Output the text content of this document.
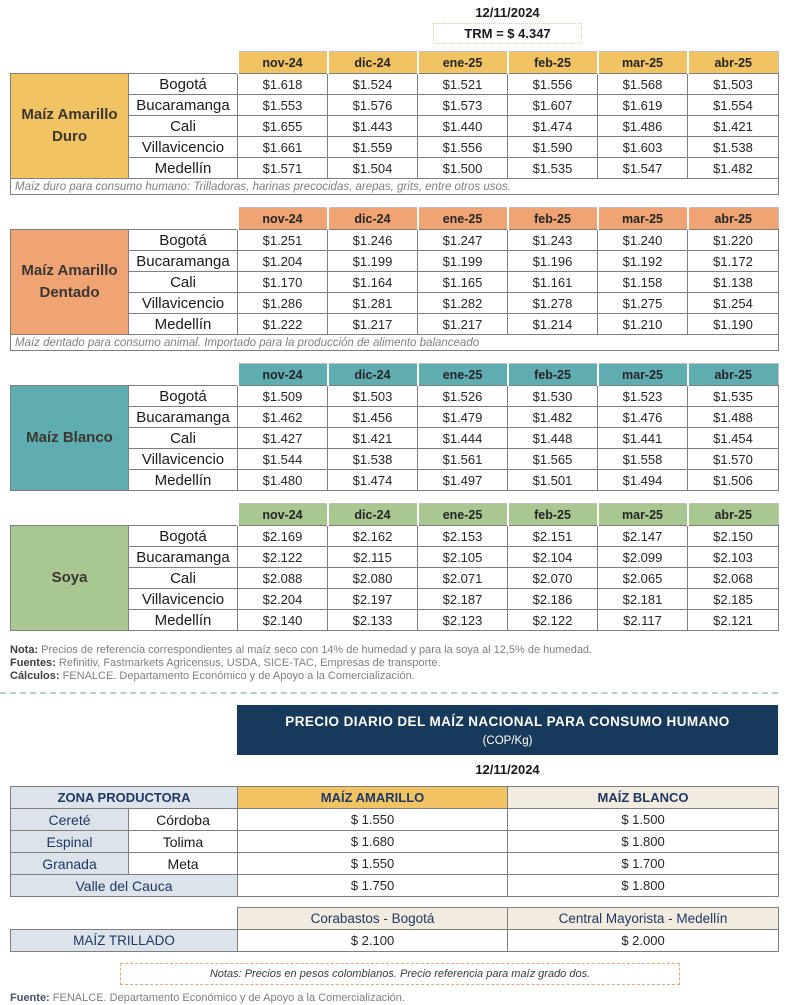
12/11/2024
TRM = $ 4.347
		nov-24	dic-24	ene-25	feb-25	mar-25	abr-25
Maíz Amarillo Duro	Bogotá	$1.618	$1.524	$1.521	$1.556	$1.568	$1.503
	Bucaramanga	$1.553	$1.576	$1.573	$1.607	$1.619	$1.554
	Cali	$1.655	$1.443	$1.440	$1.474	$1.486	$1.421
	Villavicencio	$1.661	$1.559	$1.556	$1.590	$1.603	$1.538
	Medellín	$1.571	$1.504	$1.500	$1.535	$1.547	$1.482
Maíz duro para consumo humano: Trilladoras, harinas precocidas, arepas, grits, entre otros usos.							
		nov-24	dic-24	ene-25	feb-25	mar-25	abr-25
Maíz Amarillo Dentado	Bogotá	$1.251	$1.246	$1.247	$1.243	$1.240	$1.220
	Bucaramanga	$1.204	$1.199	$1.199	$1.196	$1.192	$1.172
	Cali	$1.170	$1.164	$1.165	$1.161	$1.158	$1.138
	Villavicencio	$1.286	$1.281	$1.282	$1.278	$1.275	$1.254
	Medellín	$1.222	$1.217	$1.217	$1.214	$1.210	$1.190
Maíz dentado para consumo animal. Importado para la producción de alimento balanceado							
		nov-24	dic-24	ene-25	feb-25	mar-25	abr-25
Maíz Blanco	Bogotá	$1.509	$1.503	$1.526	$1.530	$1.523	$1.535
	Bucaramanga	$1.462	$1.456	$1.479	$1.482	$1.476	$1.488
	Cali	$1.427	$1.421	$1.444	$1.448	$1.441	$1.454
	Villavicencio	$1.544	$1.538	$1.561	$1.565	$1.558	$1.570
	Medellín	$1.480	$1.474	$1.497	$1.501	$1.494	$1.506
		nov-24	dic-24	ene-25	feb-25	mar-25	abr-25
Soya	Bogotá	$2.169	$2.162	$2.153	$2.151	$2.147	$2.150
	Bucaramanga	$2.122	$2.115	$2.105	$2.104	$2.099	$2.103
	Cali	$2.088	$2.080	$2.071	$2.070	$2.065	$2.068
	Villavicencio	$2.204	$2.197	$2.187	$2.186	$2.181	$2.185
	Medellín	$2.140	$2.133	$2.123	$2.122	$2.117	$2.121
Nota: Precios de referencia correspondientes al maíz seco con 14% de humedad y para la soya al 12,5% de humedad.
Fuentes: Refinitiv, Fastmarkets Agricensus, USDA, SICE-TAC, Empresas de transporte.
Cálculos: FENALCE. Departamento Económico y de Apoyo a la Comercialización.
PRECIO DIARIO DEL MAÍZ NACIONAL PARA CONSUMO HUMANO
(COP/Kg)
12/11/2024
ZONA PRODUCTORA		MAÍZ AMARILLO	MAÍZ BLANCO
Cereté	Córdoba	$ 1.550	$ 1.500
Espinal	Tolima	$ 1.680	$ 1.800
Granada	Meta	$ 1.550	$ 1.700
Valle del Cauca		$ 1.750	$ 1.800
	Corabastos - Bogotá	Central Mayorista - Medellín
MAÍZ TRILLADO	$ 2.100	$ 2.000
Notas: Precios en pesos colombianos. Precio referencia para maíz grado dos.
Fuente: FENALCE. Departamento Económico y de Apoyo a la Comercialización.
